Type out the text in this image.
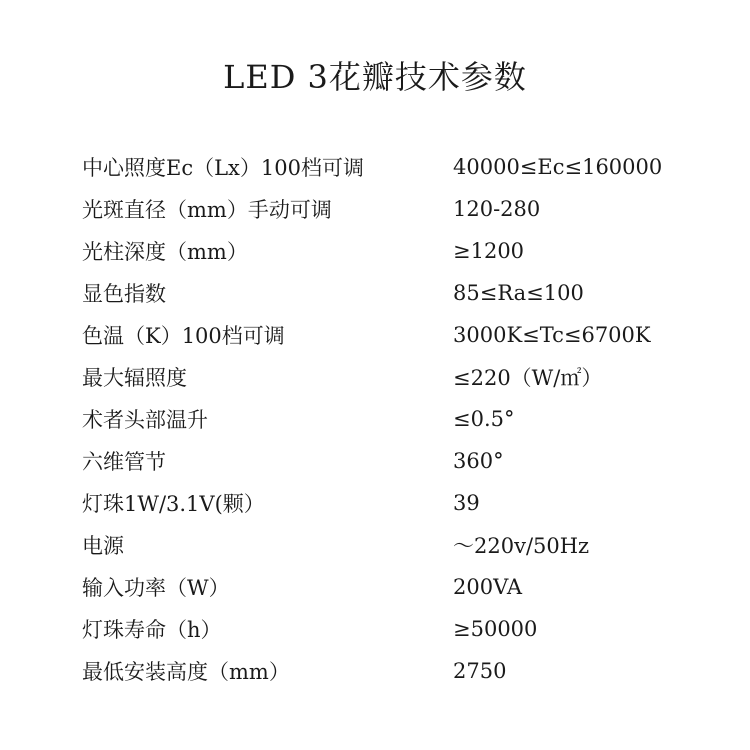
LED 3花瓣技术参数
中心照度Ec（Lx）100档可调	40000≤Ec≤160000
光斑直径（mm）手动可调	120-280
光柱深度（mm）	≥1200
显色指数	85≤Ra≤100
色温（K）100档可调	3000K≤Tc≤6700K
最大辐照度	≤220（W/㎡）
术者头部温升	≤0.5°
六维管节	360°
灯珠1W/3.1V(颗）	39
电源	～220v/50Hz
输入功率（W）	200VA
灯珠寿命（h）	≥50000
最低安装高度（mm）	2750
